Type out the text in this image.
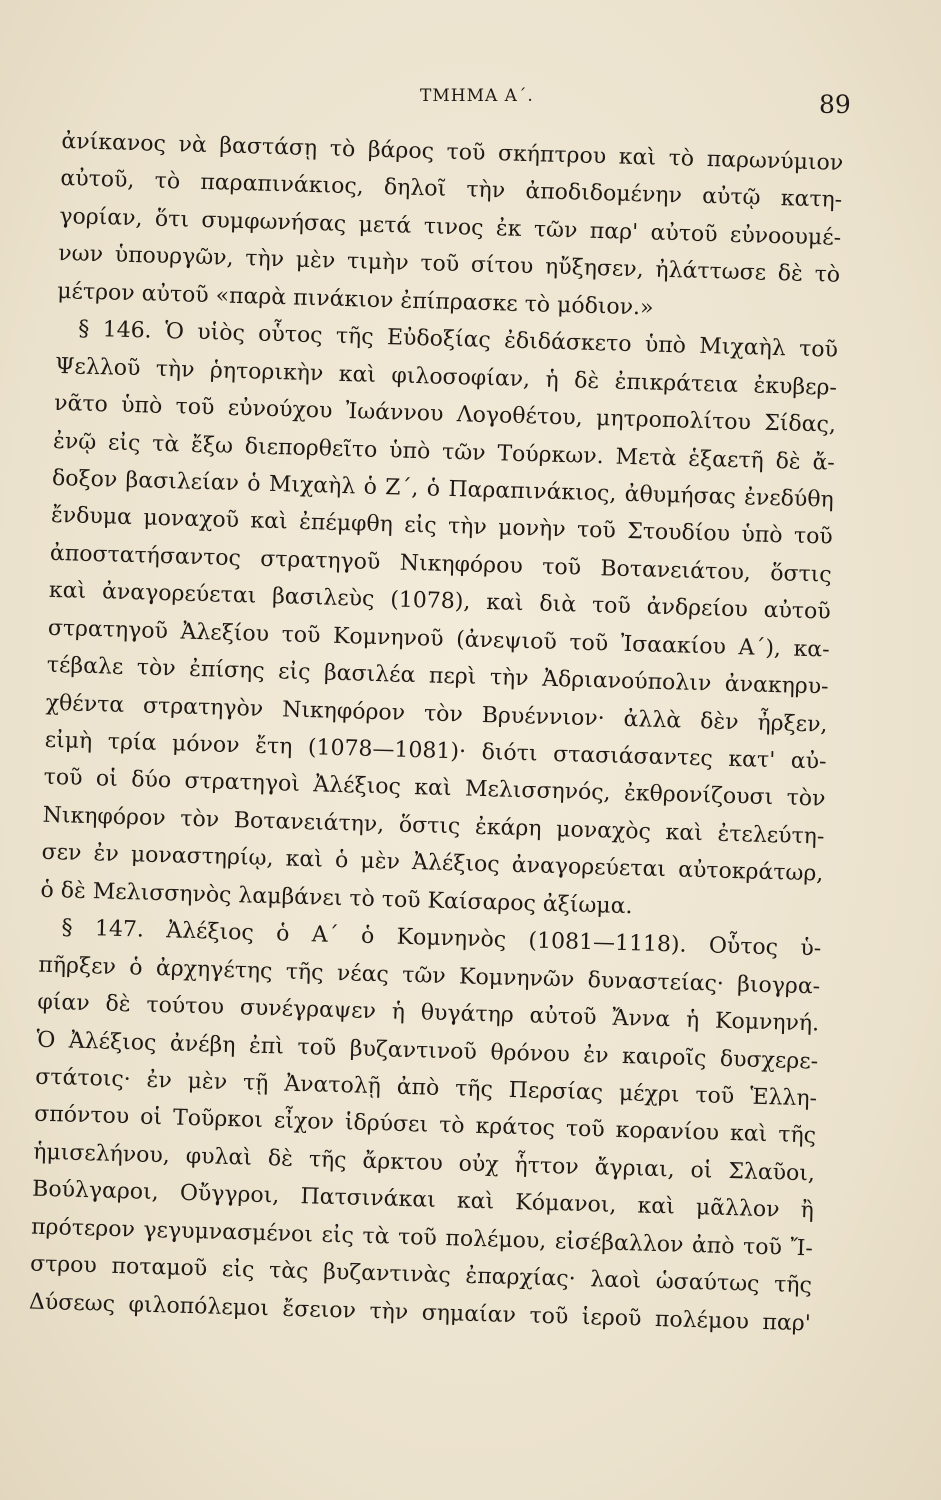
ΤΜΗΜΑ Α΄.	89
ἀνίκανος νὰ βαστάσῃ τὸ βάρος τοῦ σκήπτρου καὶ τὸ παρωνύμιον
αὐτοῦ, τὸ παραπινάκιος, δηλοῖ τὴν ἀποδιδομένην αὐτῷ κατη-
γορίαν, ὅτι συμφωνήσας μετά τινος ἐκ τῶν παρ' αὐτοῦ εὐνοουμέ-
νων ὑπουργῶν, τὴν μὲν τιμὴν τοῦ σίτου ηὔξησεν, ἠλάττωσε δὲ τὸ
μέτρον αὐτοῦ «παρὰ πινάκιον ἐπίπρασκε τὸ μόδιον.»
§ 146. Ὁ υἱὸς οὗτος τῆς Εὐδοξίας ἐδιδάσκετο ὑπὸ Μιχαὴλ τοῦ
Ψελλοῦ τὴν ῥητορικὴν καὶ φιλοσοφίαν, ἡ δὲ ἐπικράτεια ἐκυβερ-
νᾶτο ὑπὸ τοῦ εὐνούχου Ἰωάννου Λογοθέτου, μητροπολίτου Σίδας,
ἐνῷ εἰς τὰ ἔξω διεπορθεῖτο ὑπὸ τῶν Τούρκων. Μετὰ ἑξαετῆ δὲ ἄ-
δοξον βασιλείαν ὁ Μιχαὴλ ὁ Ζ΄, ὁ Παραπινάκιος, ἀθυμήσας ἐνεδύθη
ἔνδυμα μοναχοῦ καὶ ἐπέμφθη εἰς τὴν μονὴν τοῦ Στουδίου ὑπὸ τοῦ
ἀποστατήσαντος στρατηγοῦ Νικηφόρου τοῦ Βοτανειάτου, ὅστις
καὶ ἀναγορεύεται βασιλεὺς (1078), καὶ διὰ τοῦ ἀνδρείου αὐτοῦ
στρατηγοῦ Ἀλεξίου τοῦ Κομνηνοῦ (ἀνεψιοῦ τοῦ Ἰσαακίου Α΄), κα-
τέβαλε τὸν ἐπίσης εἰς βασιλέα περὶ τὴν Ἀδριανούπολιν ἀνακηρυ-
χθέντα στρατηγὸν Νικηφόρον τὸν Βρυέννιον· ἀλλὰ δὲν ἦρξεν,
εἰμὴ τρία μόνον ἔτη (1078—1081)· διότι στασιάσαντες κατ' αὐ-
τοῦ οἱ δύο στρατηγοὶ Ἀλέξιος καὶ Μελισσηνός, ἐκθρονίζουσι τὸν
Νικηφόρον τὸν Βοτανειάτην, ὅστις ἐκάρη μοναχὸς καὶ ἐτελεύτη-
σεν ἐν μοναστηρίῳ, καὶ ὁ μὲν Ἀλέξιος ἀναγορεύεται αὐτοκράτωρ,
ὁ δὲ Μελισσηνὸς λαμβάνει τὸ τοῦ Καίσαρος ἀξίωμα.
§ 147. Ἀλέξιος ὁ Α΄ ὁ Κομνηνὸς (1081—1118). Οὗτος ὑ-
πῆρξεν ὁ ἀρχηγέτης τῆς νέας τῶν Κομνηνῶν δυναστείας· βιογρα-
φίαν δὲ τούτου συνέγραψεν ἡ θυγάτηρ αὐτοῦ Ἄννα ἡ Κομνηνή.
Ὁ Ἀλέξιος ἀνέβη ἐπὶ τοῦ βυζαντινοῦ θρόνου ἐν καιροῖς δυσχερε-
στάτοις· ἐν μὲν τῇ Ἀνατολῇ ἀπὸ τῆς Περσίας μέχρι τοῦ Ἑλλη-
σπόντου οἱ Τοῦρκοι εἶχον ἱδρύσει τὸ κράτος τοῦ κορανίου καὶ τῆς
ἡμισελήνου, φυλαὶ δὲ τῆς ἄρκτου οὐχ ἧττον ἄγριαι, οἱ Σλαῦοι,
Βούλγαροι, Οὔγγροι, Πατσινάκαι καὶ Κόμανοι, καὶ μᾶλλον ἢ
πρότερον γεγυμνασμένοι εἰς τὰ τοῦ πολέμου, εἰσέβαλλον ἀπὸ τοῦ Ἴ-
στρου ποταμοῦ εἰς τὰς βυζαντινὰς ἐπαρχίας· λαοὶ ὡσαύτως τῆς
Δύσεως φιλοπόλεμοι ἔσειον τὴν σημαίαν τοῦ ἱεροῦ πολέμου παρ'
